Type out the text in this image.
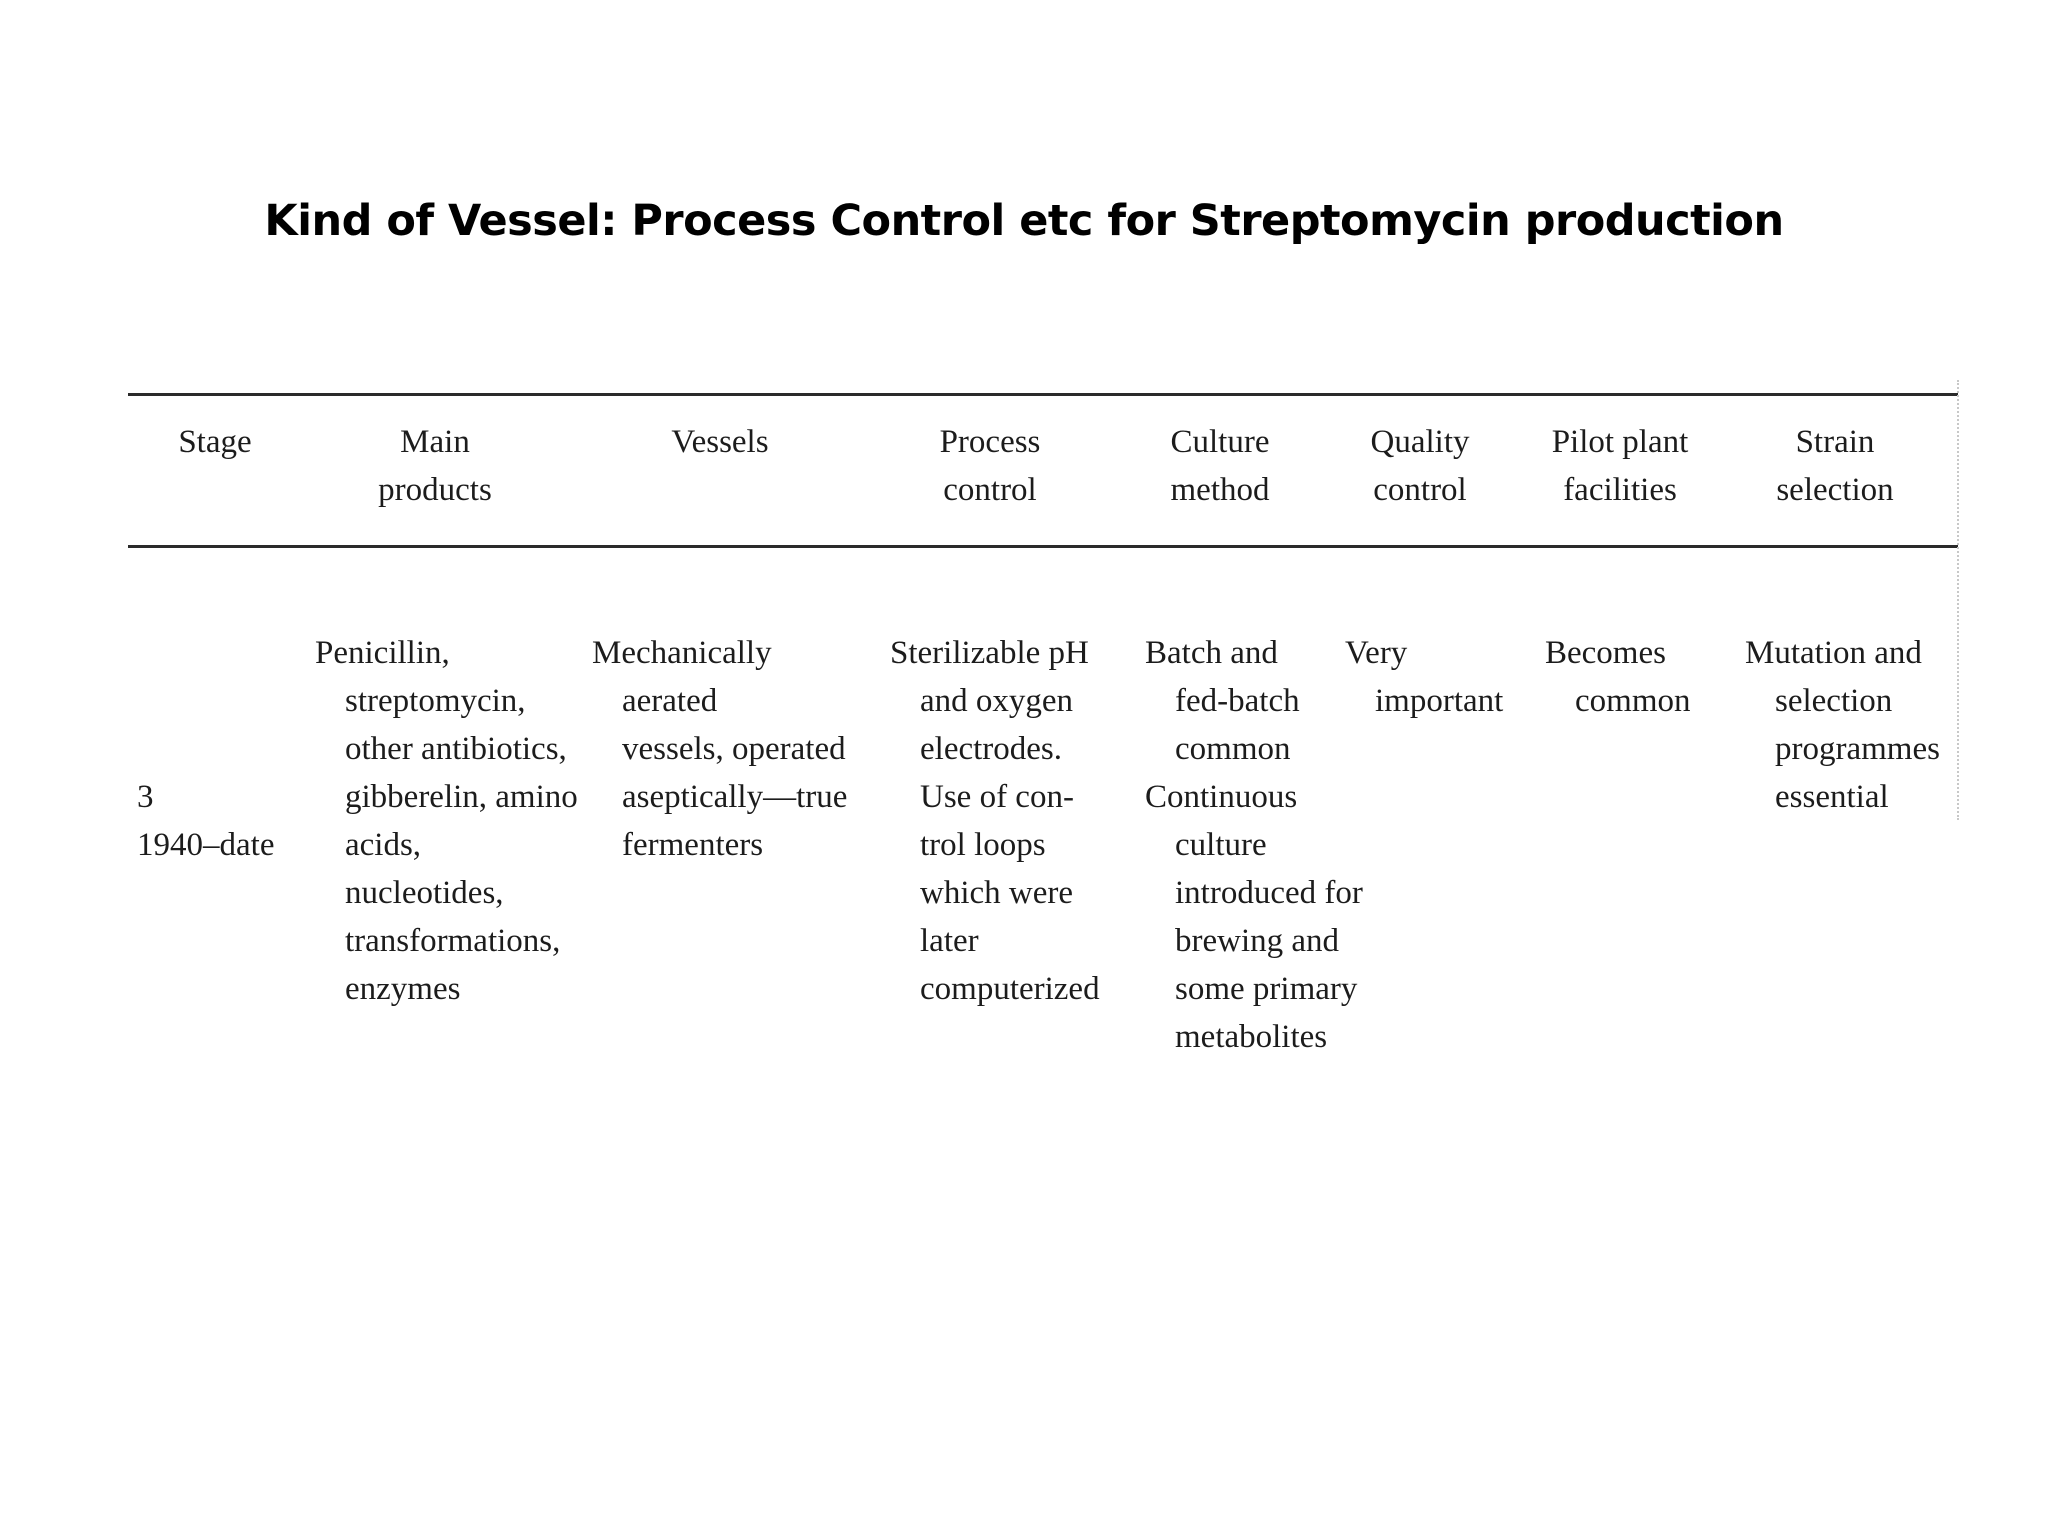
Kind of Vessel: Process Control etc for Streptomycin production
Stage	Main
products
Vessels	Process
control
Culture
method
Quality
control
Pilot plant
facilities
Strain
selection
3
1940–date
Penicillin,
streptomycin,
other antibiotics,
gibberelin, amino
acids,
nucleotides,
transformations,
enzymes
Mechanically
aerated
vessels, operated
aseptically—true
fermenters
Sterilizable pH
and oxygen
electrodes.
Use of con-
trol loops
which were
later
computerized
Batch and
fed-batch
common
Continuous
culture
introduced for
brewing and
some primary
metabolites
Very
important
Becomes
common
Mutation and
selection
programmes
essential
